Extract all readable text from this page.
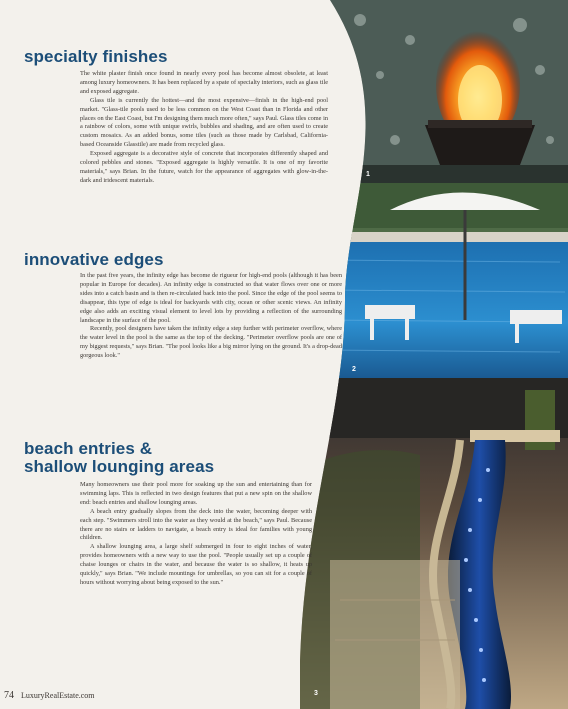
1
2
3
specialty finishes

The white plaster finish once found in nearly every pool has become almost obsolete, at least among luxury homeowners. It has been replaced by a spate of specialty interiors, such as glass tile and exposed aggregate.

Glass tile is currently the hottest—and the most expensive—finish in the high-end pool market. "Glass-tile pools used to be less common on the West Coast than in Florida and other places on the East Coast, but I'm designing them much more often," says Paul. Glass tiles come in a rainbow of colors, some with unique swirls, bubbles and shading, and are often used to create custom mosaics. As an added bonus, some tiles (such as those made by Carlsbad, California-based Oceanside Glasstile) are made from recycled glass.

Exposed aggregate is a decorative style of concrete that incorporates differently shaped and colored pebbles and stones. "Exposed aggregate is highly versatile. It is one of my favorite materials," says Brian. In the future, watch for the appearance of aggregates with glow-in-the-dark and iridescent materials.

innovative edges

In the past five years, the infinity edge has become de rigueur for high-end pools (although it has been popular in Europe for decades). An infinity edge is constructed so that water flows over one or more sides into a catch basin and is then re-circulated back into the pool. Since the edge of the pool seems to disappear, this type of edge is ideal for backyards with city, ocean or other scenic views. An infinity edge also adds an exciting visual element to level lots by providing a reflection of the surrounding landscape in the surface of the pool.

Recently, pool designers have taken the infinity edge a step further with perimeter overflow, where the water level in the pool is the same as the top of the decking. "Perimeter overflow pools are one of my biggest requests," says Brian. "The pool looks like a big mirror lying on the ground. It's a drop-dead gorgeous look."

beach entries &
shallow lounging areas

Many homeowners use their pool more for soaking up the sun and entertaining than for swimming laps. This is reflected in two design features that put a new spin on the shallow end: beach entries and shallow lounging areas.

A beach entry gradually slopes from the deck into the water, becoming deeper with each step. "Swimmers stroll into the water as they would at the beach," says Paul. Because there are no stairs or ladders to navigate, a beach entry is ideal for families with young children.

A shallow lounging area, a large shelf submerged in four to eight inches of water, provides homeowners with a new way to use the pool. "People usually set up a couple of chaise lounges or chairs in the water, and because the water is so shallow, it heats up quickly," says Brian. "We include mountings for umbrellas, so you can sit for a couple of hours without worrying about being exposed to the sun."

74 LuxuryRealEstate.com
